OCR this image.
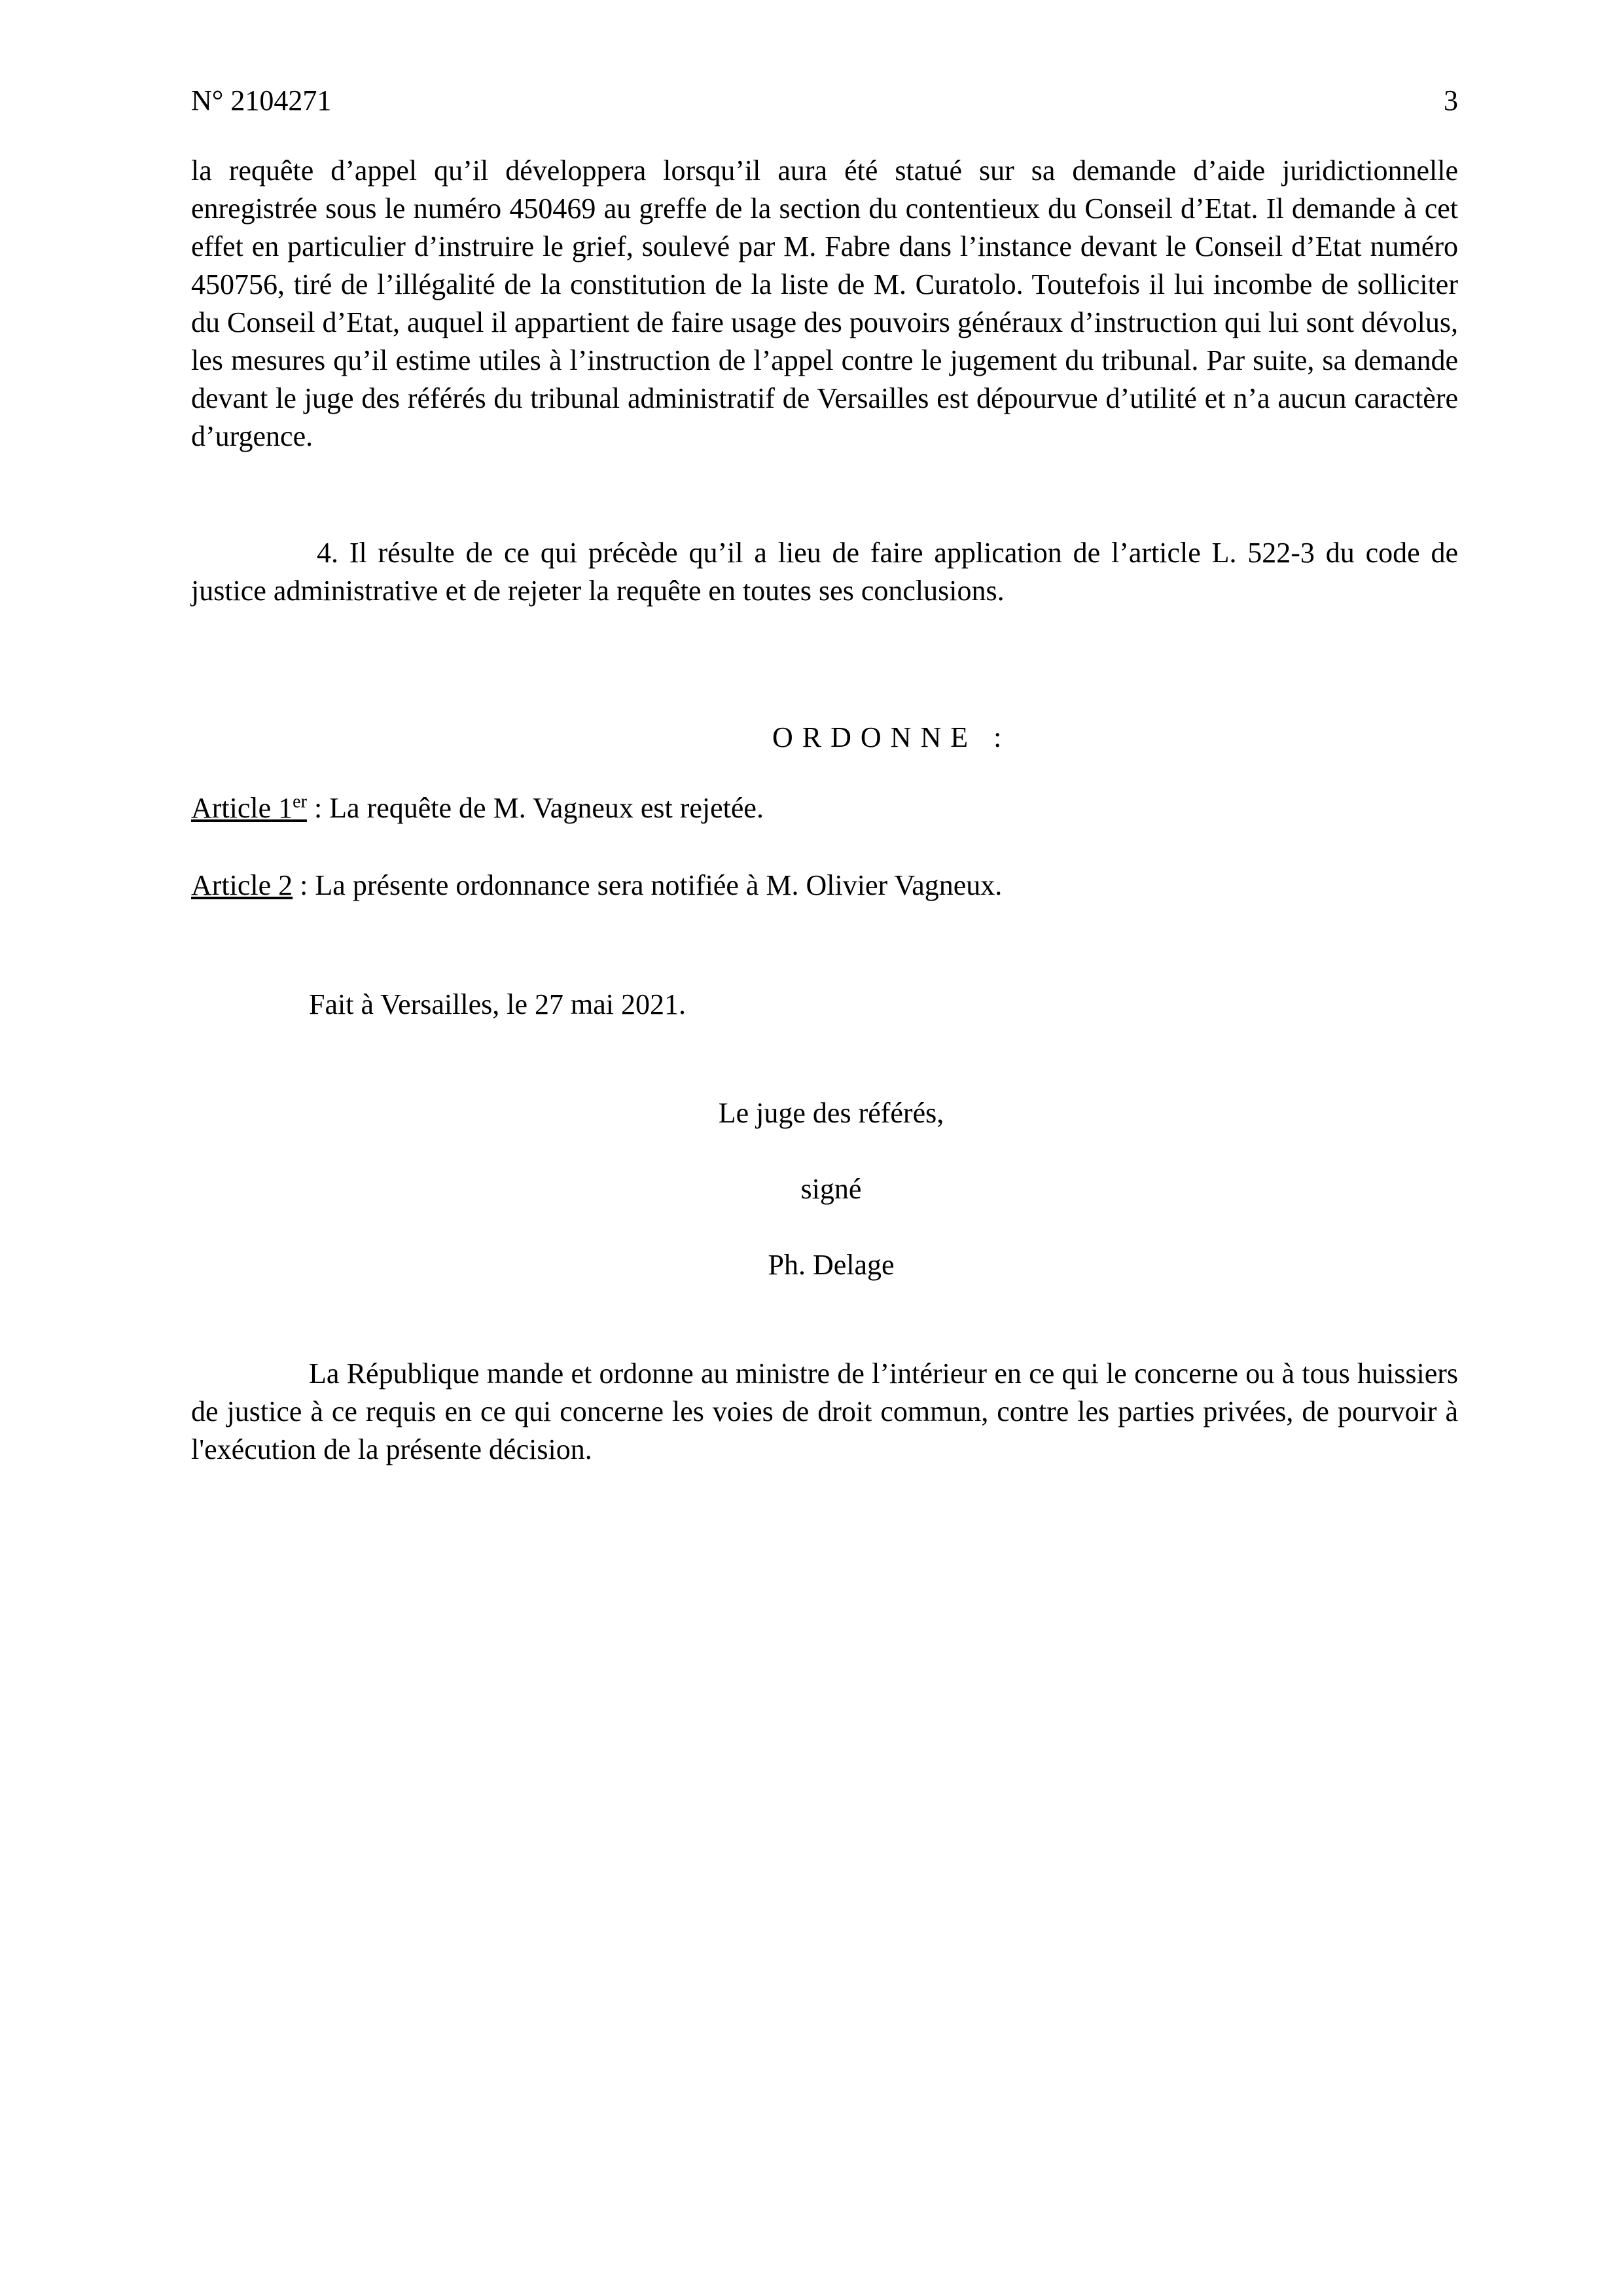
N° 2104271	3

la requête d’appel qu’il développera lorsqu’il aura été statué sur sa demande d’aide juridictionnelle enregistrée sous le numéro 450469 au greffe de la section du contentieux du Conseil d’Etat. Il demande à cet effet en particulier d’instruire le grief, soulevé par M. Fabre dans l’instance devant le Conseil d’Etat numéro 450756, tiré de l’illégalité de la constitution de la liste de M. Curatolo. Toutefois il lui incombe de solliciter du Conseil d’Etat, auquel il appartient de faire usage des pouvoirs généraux d’instruction qui lui sont dévolus, les mesures qu’il estime utiles à l’instruction de l’appel contre le jugement du tribunal. Par suite, sa demande devant le juge des référés du tribunal administratif de Versailles est dépourvue d’utilité et n’a aucun caractère d’urgence.

4. Il résulte de ce qui précède qu’il a lieu de faire application de l’article L. 522-3 du code de justice administrative et de rejeter la requête en toutes ses conclusions.

ORDONNE :
Article 1er : La requête de M. Vagneux est rejetée.
Article 2 : La présente ordonnance sera notifiée à M. Olivier Vagneux.
Fait à Versailles, le 27 mai 2021.
Le juge des référés,
signé
Ph. Delage

La République mande et ordonne au ministre de l’intérieur en ce qui le concerne ou à tous huissiers de justice à ce requis en ce qui concerne les voies de droit commun, contre les parties privées, de pourvoir à l'exécution de la présente décision.
